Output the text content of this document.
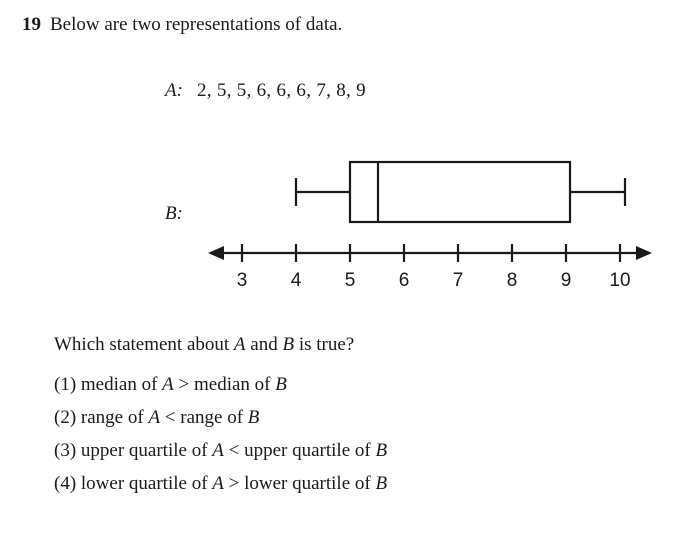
19 Below are two representations of data.
A: 2, 5, 5, 6, 6, 6, 7, 8, 9
B:
3 4 5 6 7 8 9 10
Which statement about A and B is true?
(1) median of A > median of B
(2) range of A < range of B
(3) upper quartile of A < upper quartile of B
(4) lower quartile of A > lower quartile of B
